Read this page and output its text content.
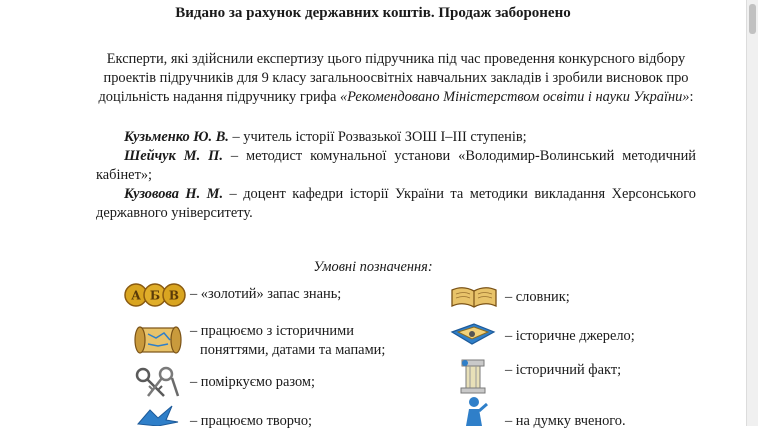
Видано за рахунок державних коштів. Продаж заборонено
Експерти, які здійснили експертизу цього підручника під час проведення конкурсного відбору проектів підручників для 9 класу загальноосвітніх навчальних закладів і зробили висновок про доцільність надання підручнику грифа «Рекомендовано Міністерством освіти і науки України»:
Кузьменко Ю. В. – учитель історії Розвазької ЗОШ І–ІІІ ступенів;
Шейчук М. П. – методист комунальної установи «Володимир-Волинський методичний кабінет»;
Кузовова Н. М. – доцент кафедри історії України та методики викладання Херсонського державного університету.
Умовні позначення:
А Б В – «золотий» запас знань;
– працюємо з історичними
поняттями, датами та мапами;
– поміркуємо разом;
– працюємо творчо;
– словник;
– історичне джерело;
– історичний факт;
– на думку вченого.
